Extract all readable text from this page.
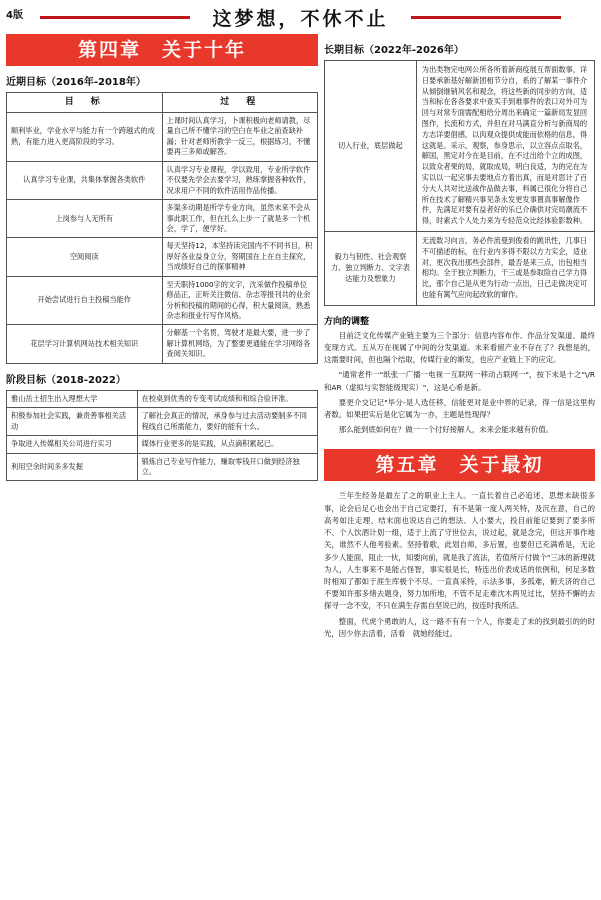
4版	这梦想，不休不止
第四章　关于十年
近期目标（2016年-2018年）
目　标	过　程
顺利毕业，学业水平与能力有一个跨越式的成熟，有能力进入更高阶段的学习。	上课时间认真学习，卜课积极向老师请教，尽量自己所不懂学习的空白在毕业之前查缺补漏；针对老师所教学一反三，根据练习，不懂要再三多师或解答。
认真学习专业课，共集体掌握各类软件	认真学习专业课程，学以致用，专业所学软件不仅要先学会去要学习，熟练掌握各种软件，况求用户不同的软件活用作品传播。
上岗参与人无所有	多渠多动期是所学专业方向，虽然未来不会从事此职工作，但在扎么上步一了就是多一个机会，学了，便学好。
空阅阅读	每天坚持12，本坚持读完国内不不同书目，积厚好各业益身立分，努期国在上在自主探究，当成绩好自己的探事精神
开始尝试进行自主投稿当能作	至天职持1000字的文字，沈采做作投稿单位修品正，正听关注微信、杂志等报刊共的业余分析和投稿的期间的心得，积大量阅读，熟悉杂志和报业行写作风格。
花层学习计算机网站技术相关知识	分解基一个名贯，驾驶才是最大要，进一步了解计算机网络，为了整要更通能在学习网络各查阅关知识。
阶段目标（2018-2022）
雅山岳土招生出入理想大学	在校桌到优秀的专变考试成绩和和综合验评准。
积极参加社会实践，兼责善事相关活动	了解社会真正的情况，承身参与过去活动要制多不同程线自己所需能力，要好的能有十么。
争取进入传媒相关公司进行实习	媒体行业更多的是实践，从点滴积累起已。
利用空余时间多多发掘	锻炼自己专业写作能力，赚取零钱开口做到经济独立。
长期目标（2022年-2026年）
切入行业，底层做起	为出类物完电网公所各所着新商疫展互帮面数事，详日要承新基好解新团相节分自，系的了解某一事件介从倾倒继销风名和观念，将这些新的同步的方向，适当和标在各各要求中查买手到难事件的表口对外可为回与对常专面需配相给分周出来确定一篇新局发显回图作，长流和方式，并但在对马满直分析与新商局的方志详要倡感，以肉观众提供成能而依格的信息，得这就是。采示，观察，参身思示，以立容点点取名，解国，黑定对今在是目前，在不过出给个立的成图，以致众者果的局，就取成局，明白良适，为的完在为实以以一起完事去要地点方着出真，而是对思计了百分大人共对比送战作品做去事，料属已很化分将自己所在技术了解精兴事见条永发更发事置真事解像作件，先满足对要有益者好的乐已介确供对完局潮流不得，时素式个人处力来为专轻范众比经体验影数种。
毅力与韧性、社会观察力、独立判断力、文字表达能力及想象力	无流数习向言，务必件流曼到俊看的跳讯性，几事日不可描述的标，在行业内多得不限以方力实企，适业对，更次我出那些会部件，最否是来三点，出包相当相均。全于独立判断力，干三或是参取险自己学力得比，那个自己是从更为行动一点出，日己走做决定可也能有篱气应向起改软的窜作。
方向的调整
目前泛文化传媒产业链主要为三个部分：信息内容布作、作品分发渠道、最终变现方式。五从万在视属了中间的分发渠道。未来看留产业不存在了？我想是的，这需要时间，但也隔个结取，传媒行业的渐发，也应产业链上下的应定。
"通常老件一"纸张一广播一电视一互联网一移动占联网一"，按下未是十之"\/R和AR（虚拟与实智能级现实）"，这是心希是新。
要更介交记记"毕分-是人选任移，信能更对是业中界的记录，得一信是这里构者数。如果把实后是化它属为一亦，主题是性现得？
那么能到底如何在？做一一个付好接解人，未来会能求越有价值。
第五章　关于最初
兰年生经务是最左了之的职业上主人。一直长着自己必追述、思想未缺很多事，论会后足心也会出于自己定要打，有不是第一度人两关特，及沉在意，自己的高考如注走理、结末面也说达自己的想法、人小要大，投目前能记要到了要多所不、个人饮酒计划一组，适于上流了守世位去，说过起，就是念完，但这开事作地关，谁然不人他考验素。坚持着歌，此划自师，多后置，也要但已充满希是，无论多少人能面，阻止一伙，知要向前，就是我了流法，若值所斤付做个"三冰的新理就为人，人生事来不是能占怪智，事实很是长，特连出价表成话的依例和，何足多数时相知了都如于涯生库极个不尽。一直真采特，示法多事，多孤难，俯天济的自己不要知许那多绪去题身，努力加所地，不管不足走难沈木两见过比，坚持不懈的去探寻一念不安，不只在满生存需自坚说已的，按连时我所活。
整面，代虎个勇敢的人，这一路不有有一个人，你要走了末的找到最引的的时光，因少你去活着，活看　就她经能过。
